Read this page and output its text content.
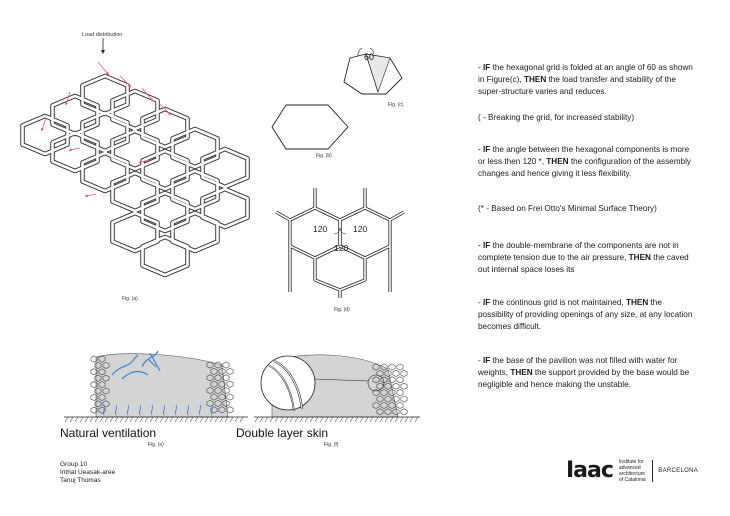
Load distribution
Fig. (a)
Fig. (b)
60
Fig. (c)
120	120
120
Fig. (d)
Natural ventilation
Fig. (e)
Double layer skin
Fig. (f)
- IF the hexagonal grid is folded at an angle of 60 as shown in Figure(c), THEN the load transfer and stability of the super-structure varies and reduces.
( - Breaking the grid, for increased stability)
- IF the angle between the hexagonal components is more or less then 120 *, THEN the configuration of the assembly changes and hence giving it less flexibility.
(* - Based on Frei Otto's Minimal Surface Theory)
- IF the double-membrane of the components are not in complete tension due to the air pressure, THEN the caved out internal space loses its
- IF the continous grid is not maintained, THEN the possibility of providing openings of any size, at any location becomes difficult.
- IF the base of the pavilion was not filled with water for weights, THEN the support provided by the base would be negligible and hence making the unstable.
Group 10
Irithat Ueasak-aree
Tanuj Thomas	Iaac Institute for
advanced
architecture
of Catalonia
BARCELONA
